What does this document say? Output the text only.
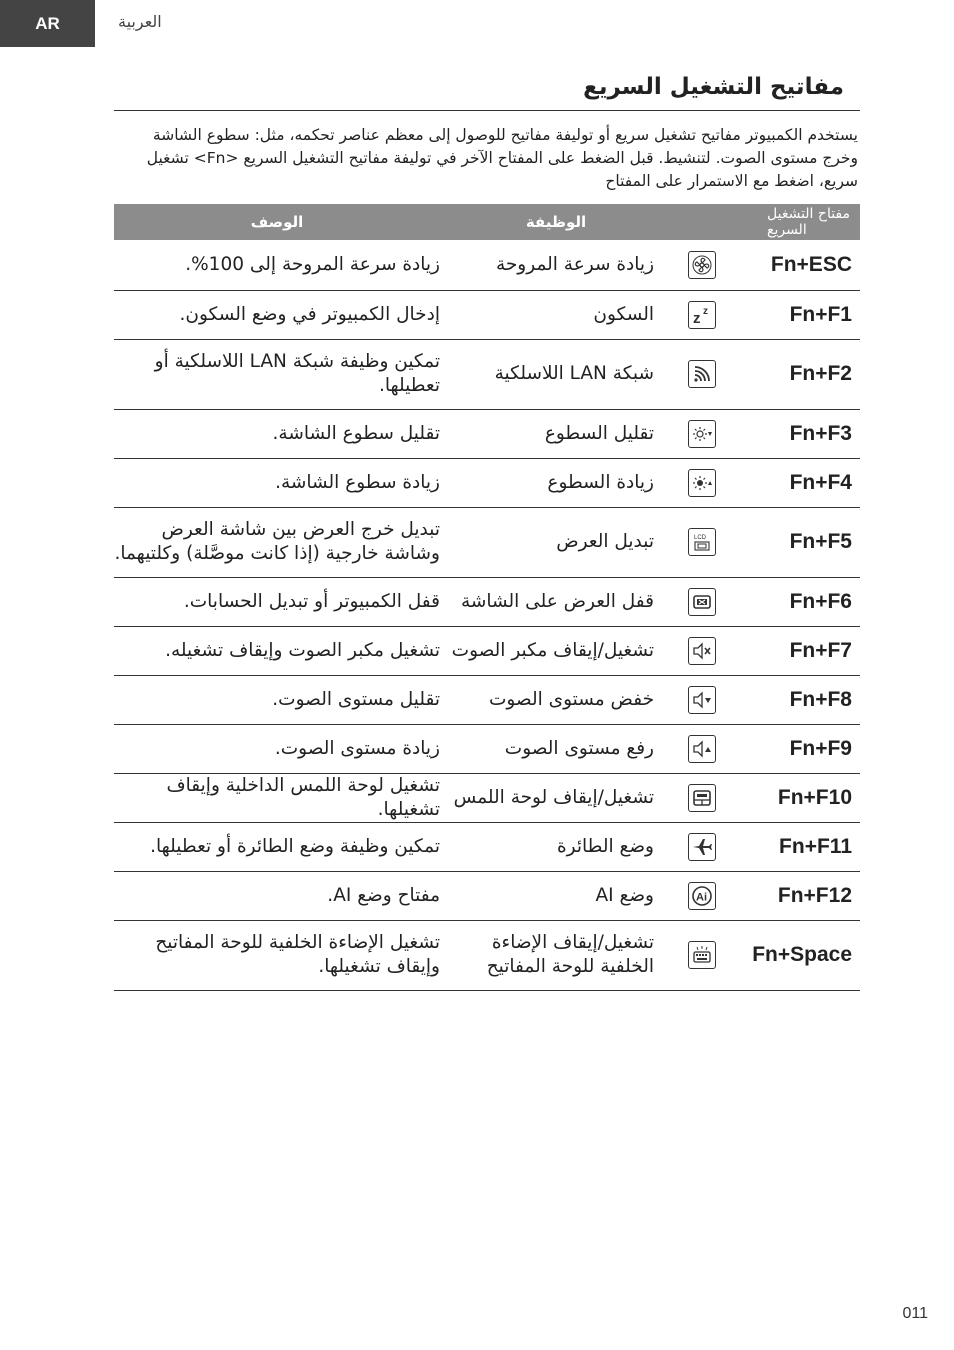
AR	العربية
مفاتيح التشغيل السريع
يستخدم الكمبيوتر مفاتيح تشغيل سريع أو توليفة مفاتيح للوصول إلى معظم عناصر تحكمه، مثل: سطوع الشاشة وخرج مستوى الصوت. لتنشيط. قبل الضغط على المفتاح الآخر في توليفة مفاتيح التشغيل السريع <Fn> تشغيل سريع، اضغط مع الاستمرار على المفتاح
الوصف	الوظيفة	مفتاح التشغيل السريع	

زيادة سرعة المروحة إلى 100%.	زيادة سرعة المروحة		Fn+ESC

إدخال الكمبيوتر في وضع السكون.	السكون	z z	Fn+F1

تمكين وظيفة شبكة LAN اللاسلكية أو تعطيلها.	شبكة LAN اللاسلكية		Fn+F2

تقليل سطوع الشاشة.	تقليل السطوع		Fn+F3

زيادة سطوع الشاشة.	زيادة السطوع		Fn+F4

تبديل خرج العرض بين شاشة العرض وشاشة خارجية (إذا كانت موصَّلة) وكلتيهما.	تبديل العرض	LCD	Fn+F5

قفل الكمبيوتر أو تبديل الحسابات.	قفل العرض على الشاشة		Fn+F6

تشغيل مكبر الصوت وإيقاف تشغيله.	تشغيل/إيقاف مكبر الصوت		Fn+F7

تقليل مستوى الصوت.	خفض مستوى الصوت		Fn+F8

زيادة مستوى الصوت.	رفع مستوى الصوت		Fn+F9

تشغيل لوحة اللمس الداخلية وإيقاف تشغيلها.	تشغيل/إيقاف لوحة اللمس		Fn+F10

تمكين وظيفة وضع الطائرة أو تعطيلها.	وضع الطائرة		Fn+F11

مفتاح وضع AI.	وضع AI	Ai	Fn+F12

تشغيل الإضاءة الخلفية للوحة المفاتيح وإيقاف تشغيلها.	تشغيل/إيقاف الإضاءة الخلفية للوحة المفاتيح		Fn+Space
011
